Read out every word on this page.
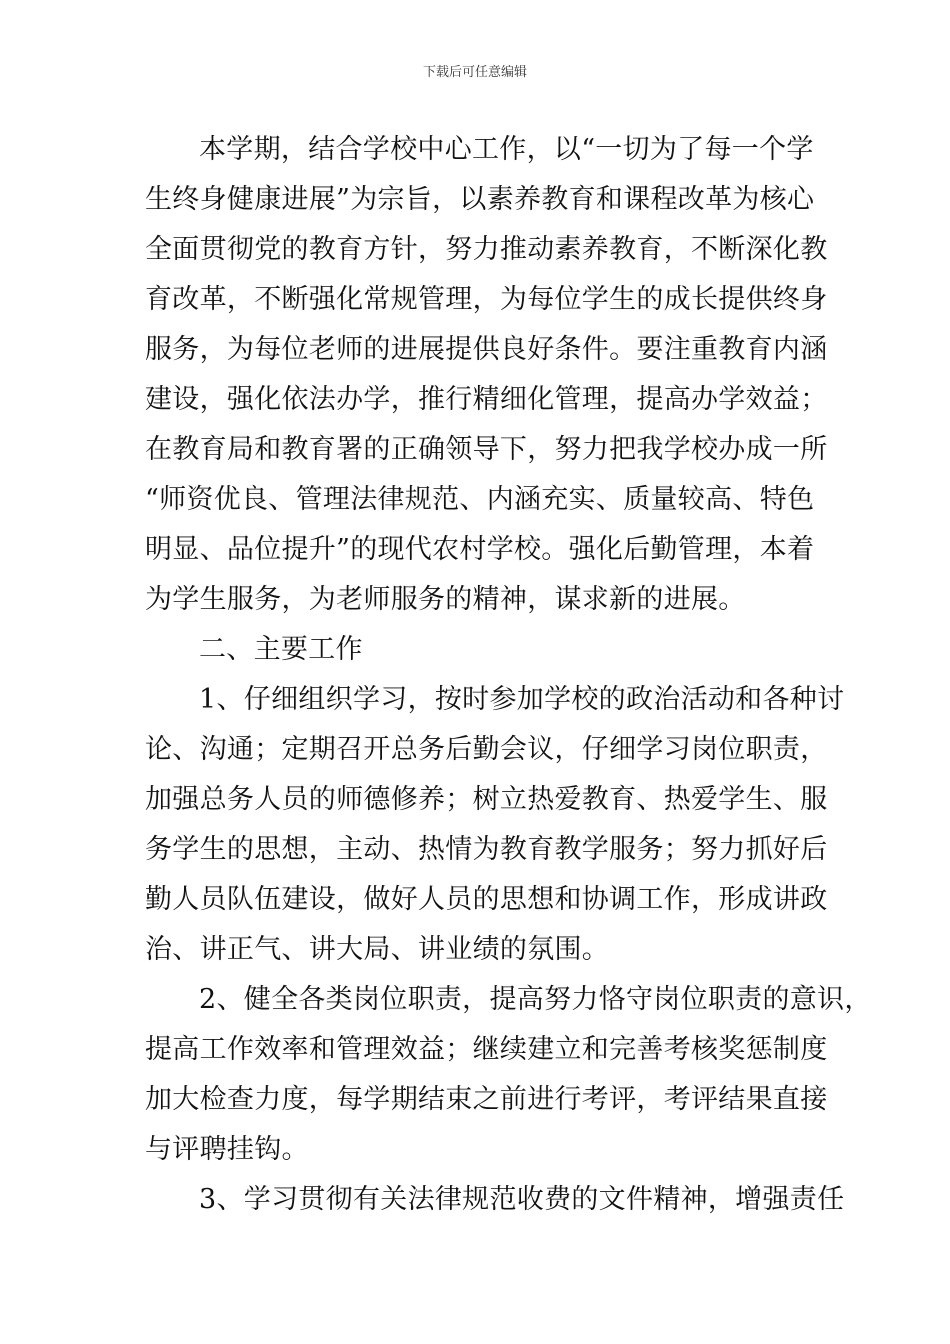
下载后可任意编辑
本学期，结合学校中心工作，以“一切为了每一个学
生终身健康进展”为宗旨，以素养教育和课程改革为核心
全面贯彻党的教育方针，努力推动素养教育，不断深化教
育改革，不断强化常规管理，为每位学生的成长提供终身
服务，为每位老师的进展提供良好条件。要注重教育内涵
建设，强化依法办学，推行精细化管理，提高办学效益；
在教育局和教育署的正确领导下，努力把我学校办成一所
“师资优良、管理法律规范、内涵充实、质量较高、特色
明显、品位提升”的现代农村学校。强化后勤管理，本着
为学生服务，为老师服务的精神，谋求新的进展。
二、主要工作
1、仔细组织学习，按时参加学校的政治活动和各种讨
论、沟通；定期召开总务后勤会议，仔细学习岗位职责，
加强总务人员的师德修养；树立热爱教育、热爱学生、服
务学生的思想，主动、热情为教育教学服务；努力抓好后
勤人员队伍建设，做好人员的思想和协调工作，形成讲政
治、讲正气、讲大局、讲业绩的氛围。
2、健全各类岗位职责，提高努力恪守岗位职责的意识，
提高工作效率和管理效益；继续建立和完善考核奖惩制度
加大检查力度，每学期结束之前进行考评，考评结果直接
与评聘挂钩。
3、学习贯彻有关法律规范收费的文件精神，增强责任
